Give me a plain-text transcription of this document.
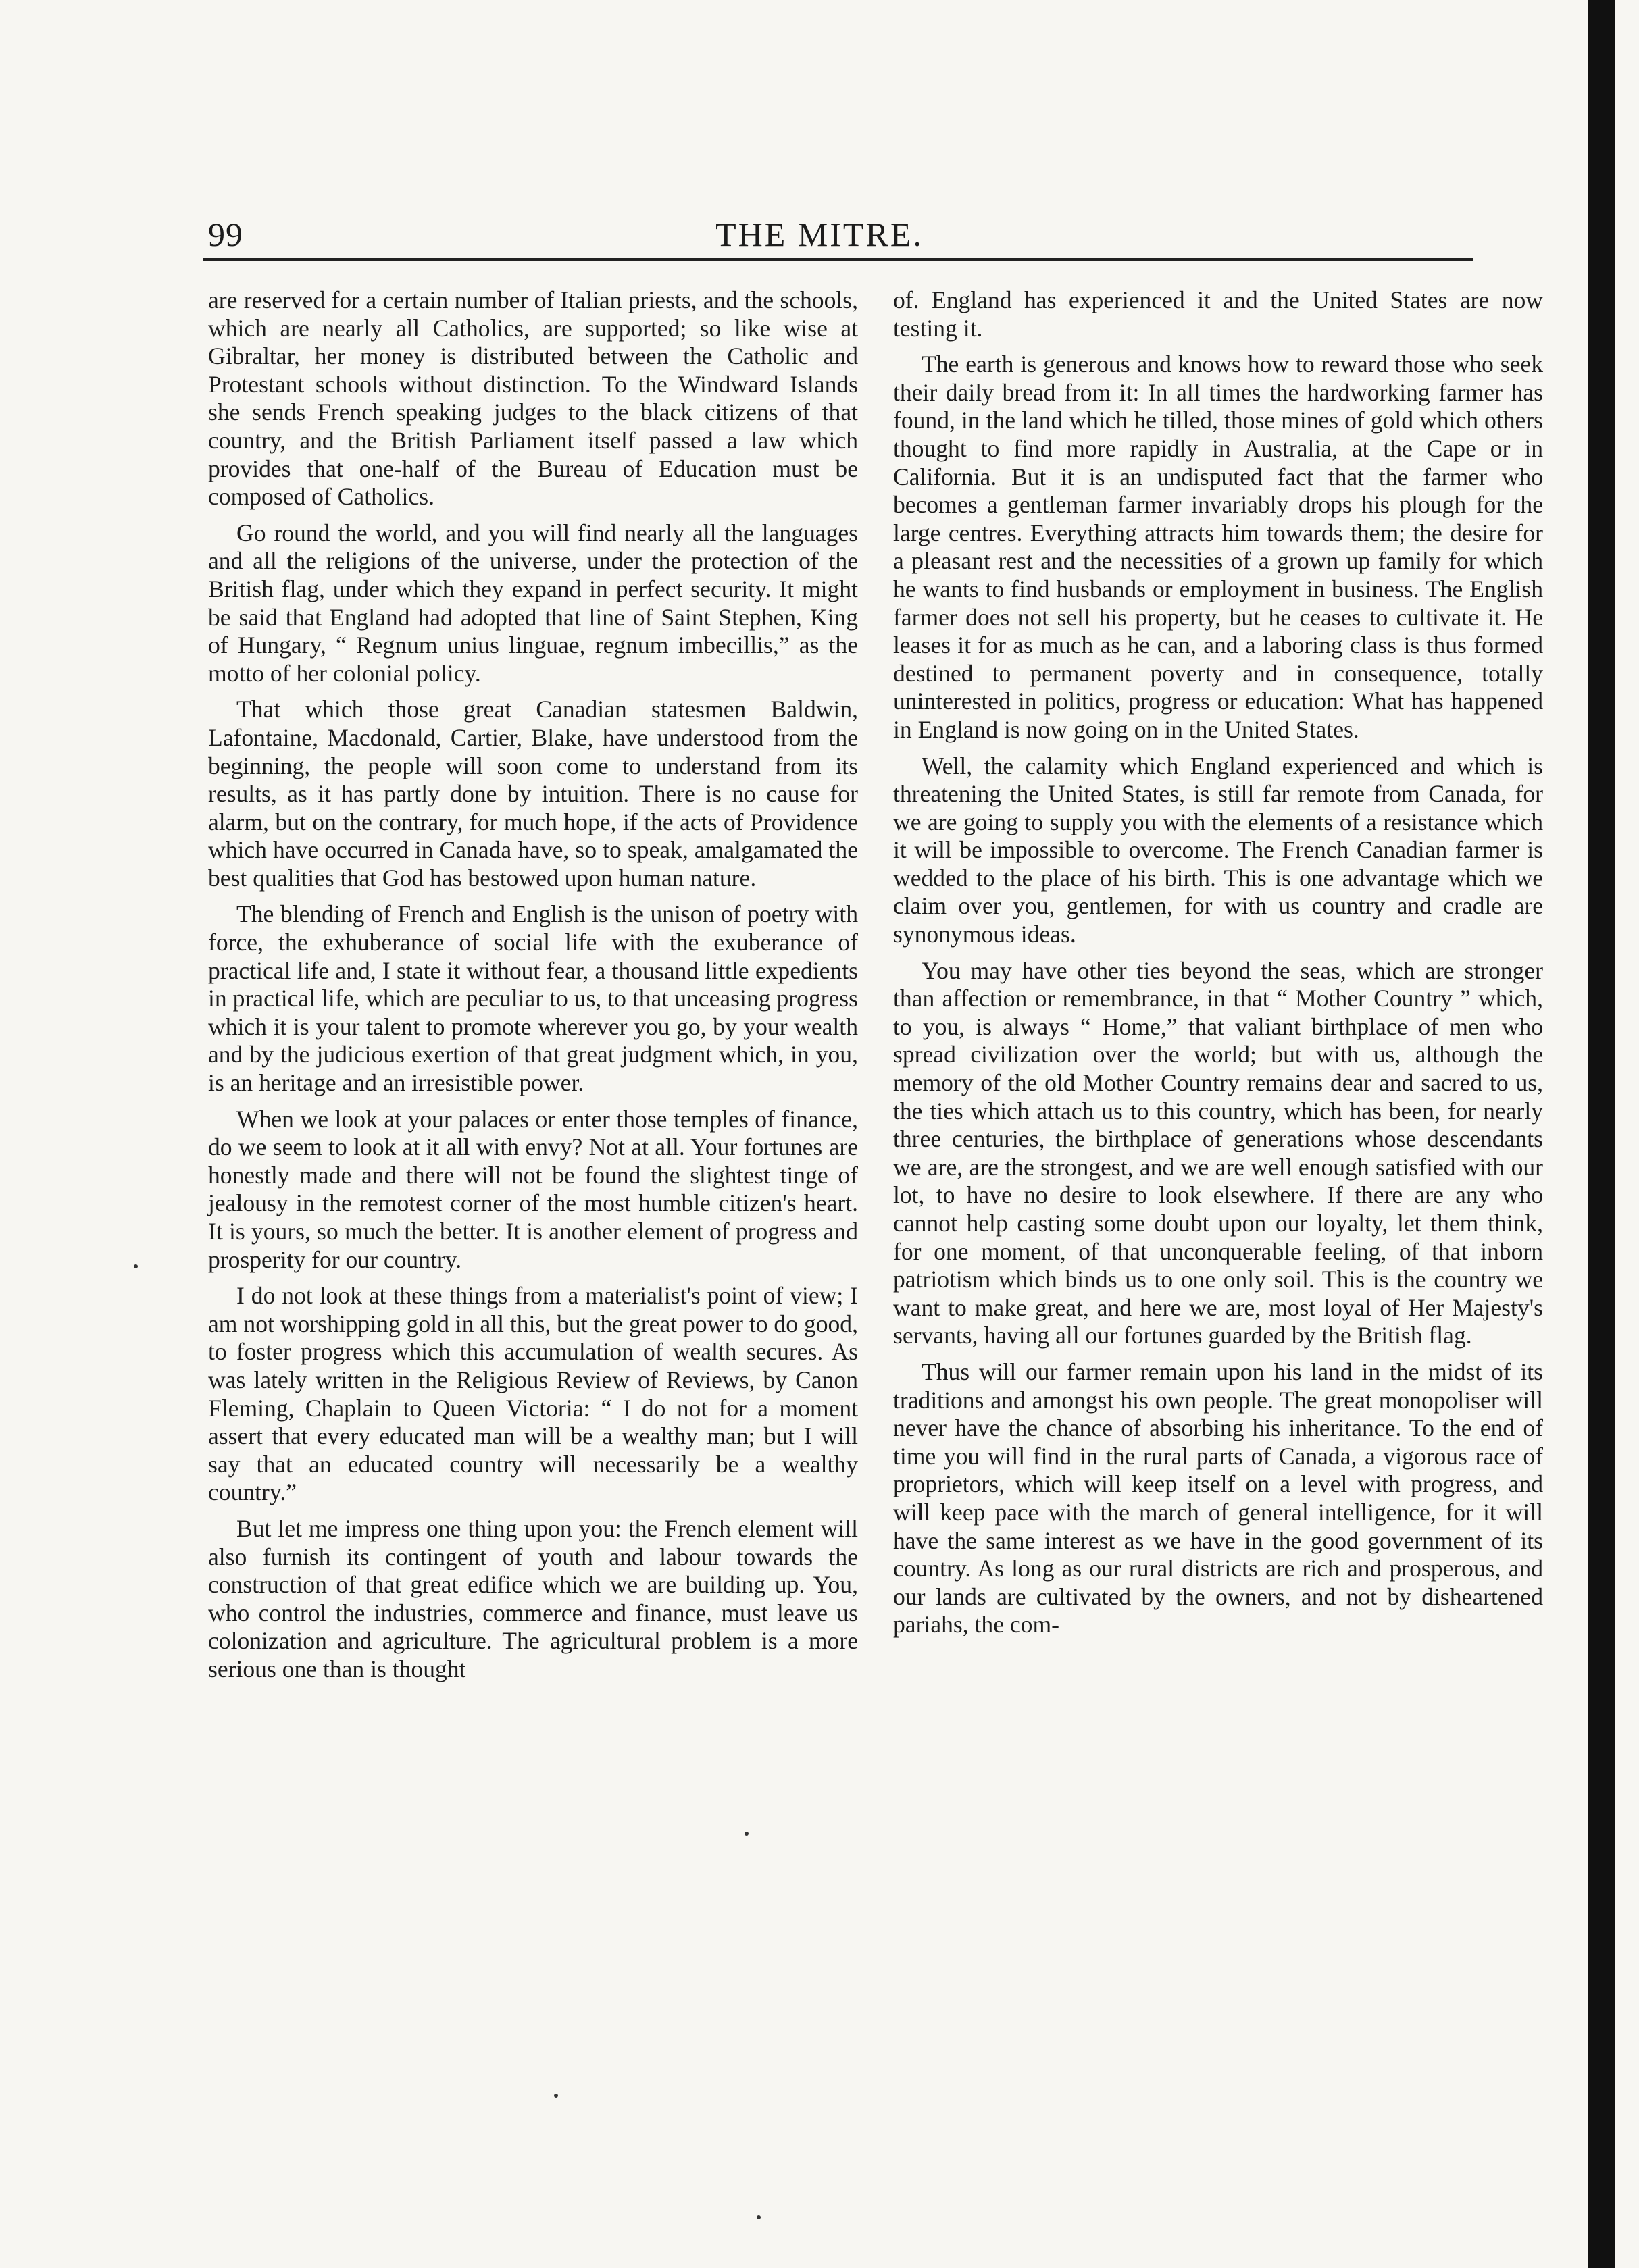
99	THE MITRE.

are reserved for a certain number of Italian priests, and the schools, which are nearly all Catholics, are supported; so like wise at Gibraltar, her money is distributed between the Catholic and Protestant schools without distinction. To the Windward Islands she sends French speaking judges to the black citizens of that country, and the British Parliament itself passed a law which provides that one-half of the Bureau of Education must be composed of Catholics.

Go round the world, and you will find nearly all the languages and all the religions of the universe, under the protection of the British flag, under which they expand in perfect security. It might be said that England had adopted that line of Saint Stephen, King of Hungary, “ Regnum unius linguae, regnum imbecillis,” as the motto of her colonial policy.

That which those great Canadian statesmen Baldwin, Lafontaine, Macdonald, Cartier, Blake, have understood from the beginning, the people will soon come to understand from its results, as it has partly done by intuition. There is no cause for alarm, but on the contrary, for much hope, if the acts of Providence which have occurred in Canada have, so to speak, amalgamated the best qualities that God has bestowed upon human nature.

The blending of French and English is the unison of poetry with force, the exhuberance of social life with the exuberance of practical life and, I state it without fear, a thousand little expedients in practical life, which are peculiar to us, to that unceasing progress which it is your talent to promote wherever you go, by your wealth and by the judicious exertion of that great judgment which, in you, is an heritage and an irresistible power.

When we look at your palaces or enter those temples of finance, do we seem to look at it all with envy? Not at all. Your fortunes are honestly made and there will not be found the slightest tinge of jealousy in the remotest corner of the most humble citizen's heart. It is yours, so much the better. It is another element of progress and prosperity for our country.

I do not look at these things from a materialist's point of view; I am not worshipping gold in all this, but the great power to do good, to foster progress which this accumulation of wealth secures. As was lately written in the Religious Review of Reviews, by Canon Fleming, Chaplain to Queen Victoria: “ I do not for a moment assert that every educated man will be a wealthy man; but I will say that an educated country will necessarily be a wealthy country.”

But let me impress one thing upon you: the French element will also furnish its contingent of youth and labour towards the construction of that great edifice which we are building up. You, who control the industries, commerce and finance, must leave us colonization and agriculture. The agricultural problem is a more serious one than is thought

of. England has experienced it and the United States are now testing it.

The earth is generous and knows how to reward those who seek their daily bread from it: In all times the hardworking farmer has found, in the land which he tilled, those mines of gold which others thought to find more rapidly in Australia, at the Cape or in California. But it is an undisputed fact that the farmer who becomes a gentleman farmer invariably drops his plough for the large centres. Everything attracts him towards them; the desire for a pleasant rest and the necessities of a grown up family for which he wants to find husbands or employment in business. The English farmer does not sell his property, but he ceases to cultivate it. He leases it for as much as he can, and a laboring class is thus formed destined to permanent poverty and in consequence, totally uninterested in politics, progress or education: What has happened in England is now going on in the United States.

Well, the calamity which England experienced and which is threatening the United States, is still far remote from Canada, for we are going to supply you with the elements of a resistance which it will be impossible to overcome. The French Canadian farmer is wedded to the place of his birth. This is one advantage which we claim over you, gentlemen, for with us country and cradle are synonymous ideas.

You may have other ties beyond the seas, which are stronger than affection or remembrance, in that “ Mother Country ” which, to you, is always “ Home,” that valiant birthplace of men who spread civilization over the world; but with us, although the memory of the old Mother Country remains dear and sacred to us, the ties which attach us to this country, which has been, for nearly three centuries, the birthplace of generations whose descendants we are, are the strongest, and we are well enough satisfied with our lot, to have no desire to look elsewhere. If there are any who cannot help casting some doubt upon our loyalty, let them think, for one moment, of that unconquerable feeling, of that inborn patriotism which binds us to one only soil. This is the country we want to make great, and here we are, most loyal of Her Majesty's servants, having all our fortunes guarded by the British flag.

Thus will our farmer remain upon his land in the midst of its traditions and amongst his own people. The great monopoliser will never have the chance of absorbing his inheritance. To the end of time you will find in the rural parts of Canada, a vigorous race of proprietors, which will keep itself on a level with progress, and will keep pace with the march of general intelligence, for it will have the same interest as we have in the good government of its country. As long as our rural districts are rich and prosperous, and our lands are cultivated by the owners, and not by disheartened pariahs, the com-
